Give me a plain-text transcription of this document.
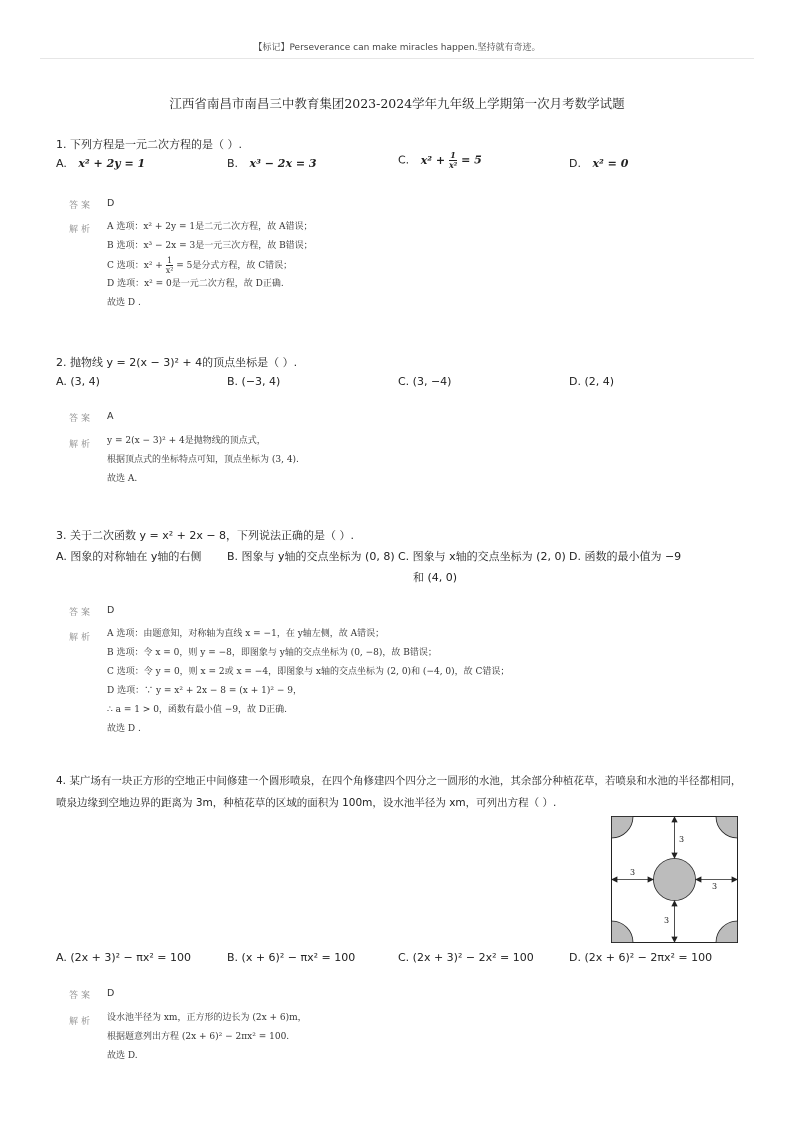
【标记】Perseverance can make miracles happen.坚持就有奇迹。
江西省南昌市南昌三中教育集团2023-2024学年九年级上学期第一次月考数学试题
1. 下列方程是一元二次方程的是（ ）.
A. x² + 2y = 1	B. x³ − 2x = 3	C. $x^2 + \frac{1}{\text{x²}} = 5$	D. x² = 0
答案 D
解析 A 选项：x² + 2y = 1是二元二次方程，故 A错误；
B 选项：x³ − 2x = 3是一元三次方程，故 B错误；
C 选项：$x^2 + \frac{1}{\text{x²}} = 5$是分式方程，故 C错误；
D 选项：x² = 0是一元二次方程，故 D正确.
故选 D .
2. 抛物线 y = 2(x − 3)² + 4的顶点坐标是（ ）.
A. (3, 4)	B. (−3, 4)	C. (3, −4)	D. (2, 4)
答案 A
解析 y = 2(x − 3)² + 4是抛物线的顶点式，
根据顶点式的坐标特点可知，顶点坐标为 (3, 4).
故选 A.
3. 关于二次函数 y = x² + 2x − 8，下列说法正确的是（ ）.
A. 图象的对称轴在 y轴的右侧 B. 图象与 y轴的交点坐标为 (0, 8) C. 图象与 x轴的交点坐标为 (2, 0)
和 (4, 0)
D. 函数的最小值为 −9
答案 D
解析 A 选项：由题意知，对称轴为直线 x = −1，在 y轴左侧，故 A错误；
B 选项：令 x = 0，则 y = −8，即图象与 y轴的交点坐标为 (0, −8)，故 B错误；
C 选项：令 y = 0，则 x = 2或 x = −4，即图象与 x轴的交点坐标为 (2, 0)和 (−4, 0)，故 C错误；
D 选项：∵ y = x² + 2x − 8 = (x + 1)² − 9，
∴ a = 1 > 0，函数有最小值 −9，故 D正确.
故选 D .
4. 某广场有一块正方形的空地正中间修建一个圆形喷泉，在四个角修建四个四分之一圆形的水池，其余部分种植花草，若喷泉和水池的半径都相同，
喷泉边缘到空地边界的距离为 3m，种植花草的区域的面积为 100m，设水池半径为 xm，可列出方程（ ）.
3
3
3
3
A. (2x + 3)² − πx² = 100	B. (x + 6)² − πx² = 100	C. (2x + 3)² − 2x² = 100	D. (2x + 6)² − 2πx² = 100
答案 D
解析 设水池半径为 xm，正方形的边长为 (2x + 6)m，
根据题意列出方程 (2x + 6)² − 2πx² = 100.
故选 D.
